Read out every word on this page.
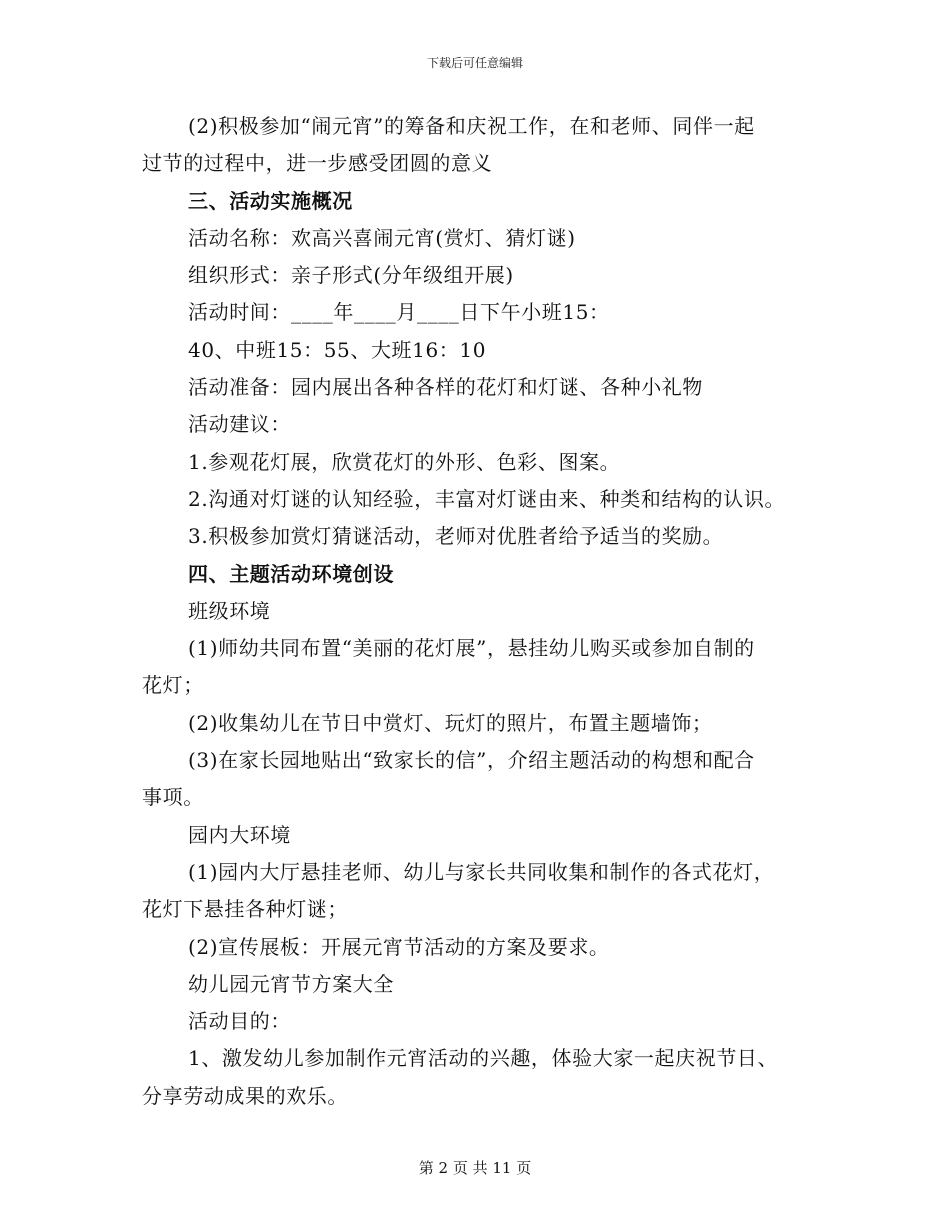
下载后可任意编辑
(2)积极参加“闹元宵”的筹备和庆祝工作，在和老师、同伴一起
过节的过程中，进一步感受团圆的意义
三、活动实施概况
活动名称：欢高兴喜闹元宵(赏灯、猜灯谜)
组织形式：亲子形式(分年级组开展)
活动时间：____年____月____日下午小班15：
40、中班15：55、大班16：10
活动准备：园内展出各种各样的花灯和灯谜、各种小礼物
活动建议：
1.参观花灯展，欣赏花灯的外形、色彩、图案。
2.沟通对灯谜的认知经验，丰富对灯谜由来、种类和结构的认识。
3.积极参加赏灯猜谜活动，老师对优胜者给予适当的奖励。
四、主题活动环境创设
班级环境
(1)师幼共同布置“美丽的花灯展”，悬挂幼儿购买或参加自制的
花灯；
(2)收集幼儿在节日中赏灯、玩灯的照片，布置主题墙饰；
(3)在家长园地贴出“致家长的信”，介绍主题活动的构想和配合
事项。
园内大环境
(1)园内大厅悬挂老师、幼儿与家长共同收集和制作的各式花灯，
花灯下悬挂各种灯谜；
(2)宣传展板：开展元宵节活动的方案及要求。
幼儿园元宵节方案大全
活动目的：
1、激发幼儿参加制作元宵活动的兴趣，体验大家一起庆祝节日、
分享劳动成果的欢乐。
第 2 页 共 11 页
